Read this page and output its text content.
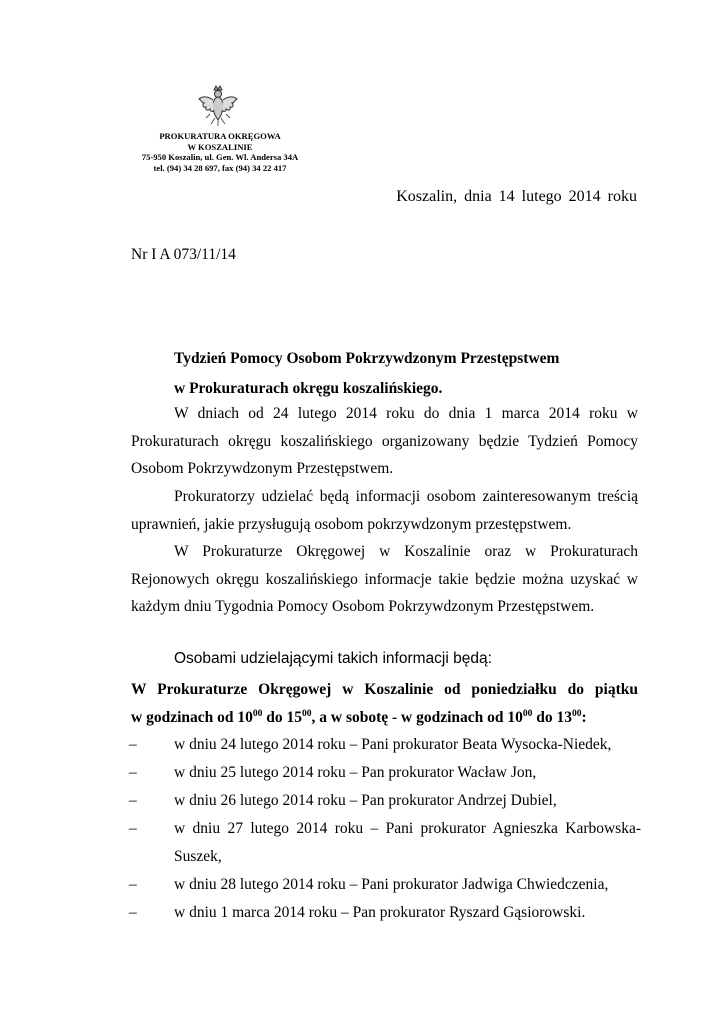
PROKURATURA OKRĘGOWA
W KOSZALINIE
75-950 Koszalin, ul. Gen. Wl. Andersa 34A
tel. (94) 34 28 697, fax (94) 34 22 417
Koszalin, dnia 14 lutego 2014 roku
Nr I A 073/11/14
Tydzień Pomocy Osobom Pokrzywdzonym Przestępstwem
w Prokuraturach okręgu koszalińskiego.
W dniach od 24 lutego 2014 roku do dnia 1 marca 2014 roku w Prokuraturach okręgu koszalińskiego organizowany będzie Tydzień Pomocy Osobom Pokrzywdzonym Przestępstwem.
Prokuratorzy udzielać będą informacji osobom zainteresowanym treścią uprawnień, jakie przysługują osobom pokrzywdzonym przestępstwem.
W Prokuraturze Okręgowej w Koszalinie oraz w Prokuraturach Rejonowych okręgu koszalińskiego informacje takie będzie można uzyskać w każdym dniu Tygodnia Pomocy Osobom Pokrzywdzonym Przestępstwem.
Osobami udzielającymi takich informacji będą:
W Prokuraturze Okręgowej w Koszalinie od poniedziałku do piątku
w godzinach od $10^{00}$ do $15^{00}$, a w sobotę - w godzinach od $10^{00}$ do $13^{00}$:
– w dniu 24 lutego 2014 roku – Pani prokurator Beata Wysocka-Niedek,
– w dniu 25 lutego 2014 roku – Pan prokurator Wacław Jon,
– w dniu 26 lutego 2014 roku – Pan prokurator Andrzej Dubiel,
– w dniu 27 lutego 2014 roku – Pani prokurator Agnieszka Karbowska-
Suszek,
– w dniu 28 lutego 2014 roku – Pani prokurator Jadwiga Chwiedczenia,
– w dniu 1 marca 2014 roku – Pan prokurator Ryszard Gąsiorowski.
